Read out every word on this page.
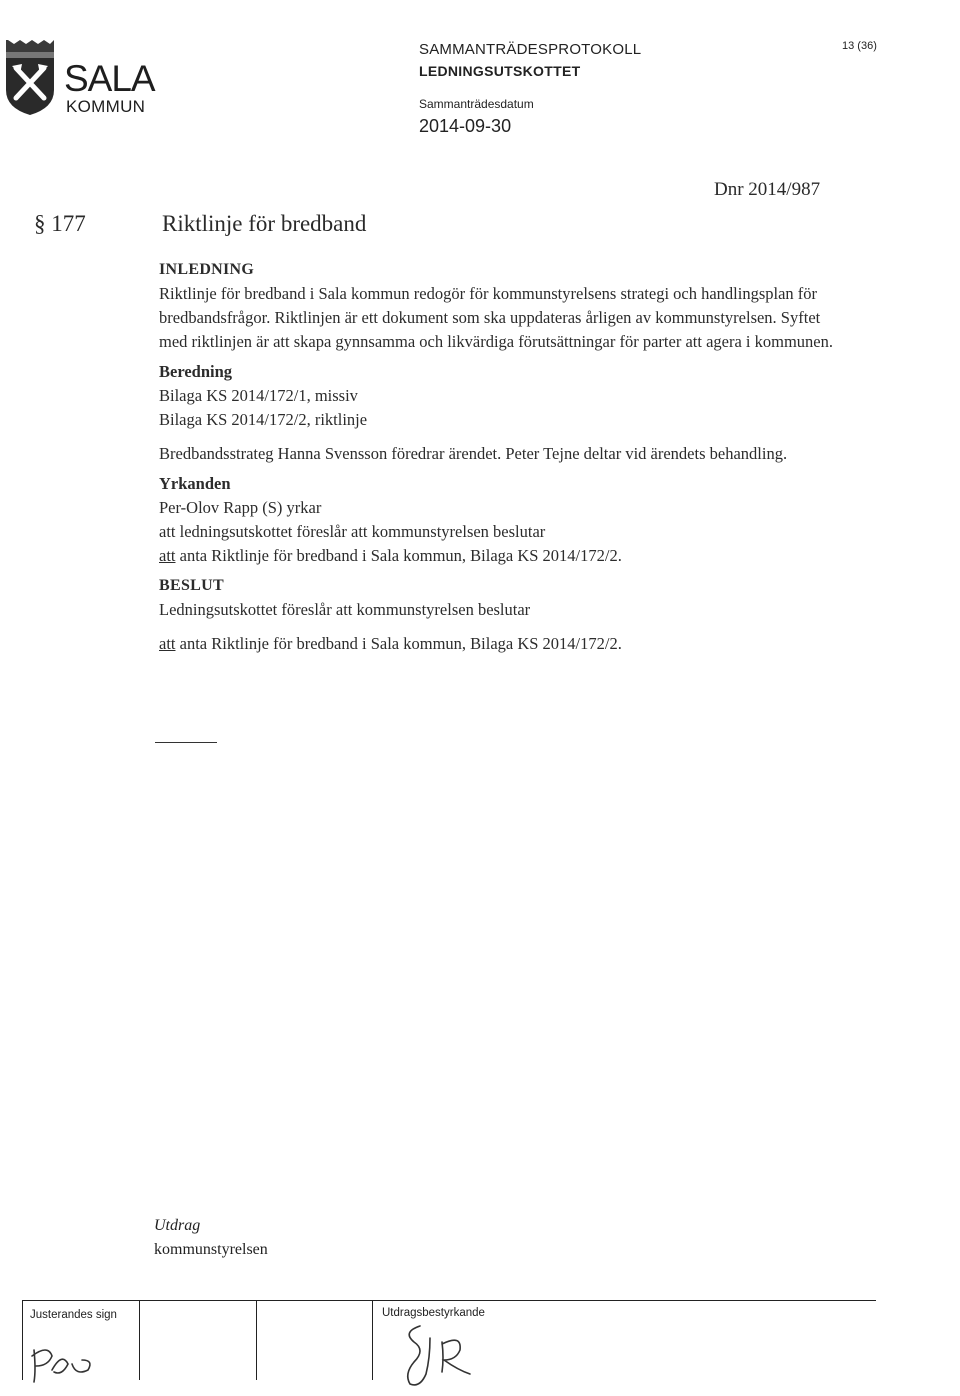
SALA
KOMMUN
SAMMANTRÄDESPROTOKOLL
LEDNINGSUTSKOTTET
Sammanträdesdatum
2014-09-30
13 (36)
Dnr 2014/987
§ 177	Riktlinje för bredband

INLEDNING

Riktlinje för bredband i Sala kommun redogör för kommunstyrelsens strategi och handlingsplan för bredbandsfrågor. Riktlinjen är ett dokument som ska uppdateras årligen av kommunstyrelsen. Syftet med riktlinjen är att skapa gynnsamma och likvärdiga förutsättningar för parter att agera i kommunen.

Beredning

Bilaga KS 2014/172/1, missiv

Bilaga KS 2014/172/2, riktlinje

Bredbandsstrateg Hanna Svensson föredrar ärendet. Peter Tejne deltar vid ärendets behandling.

Yrkanden

Per-Olov Rapp (S) yrkar

att ledningsutskottet föreslår att kommunstyrelsen beslutar

att anta Riktlinje för bredband i Sala kommun, Bilaga KS 2014/172/2.

BESLUT

Ledningsutskottet föreslår att kommunstyrelsen beslutar

att anta Riktlinje för bredband i Sala kommun, Bilaga KS 2014/172/2.

Utdrag
kommunstyrelsen
Justerandes sign	Utdragsbestyrkande
